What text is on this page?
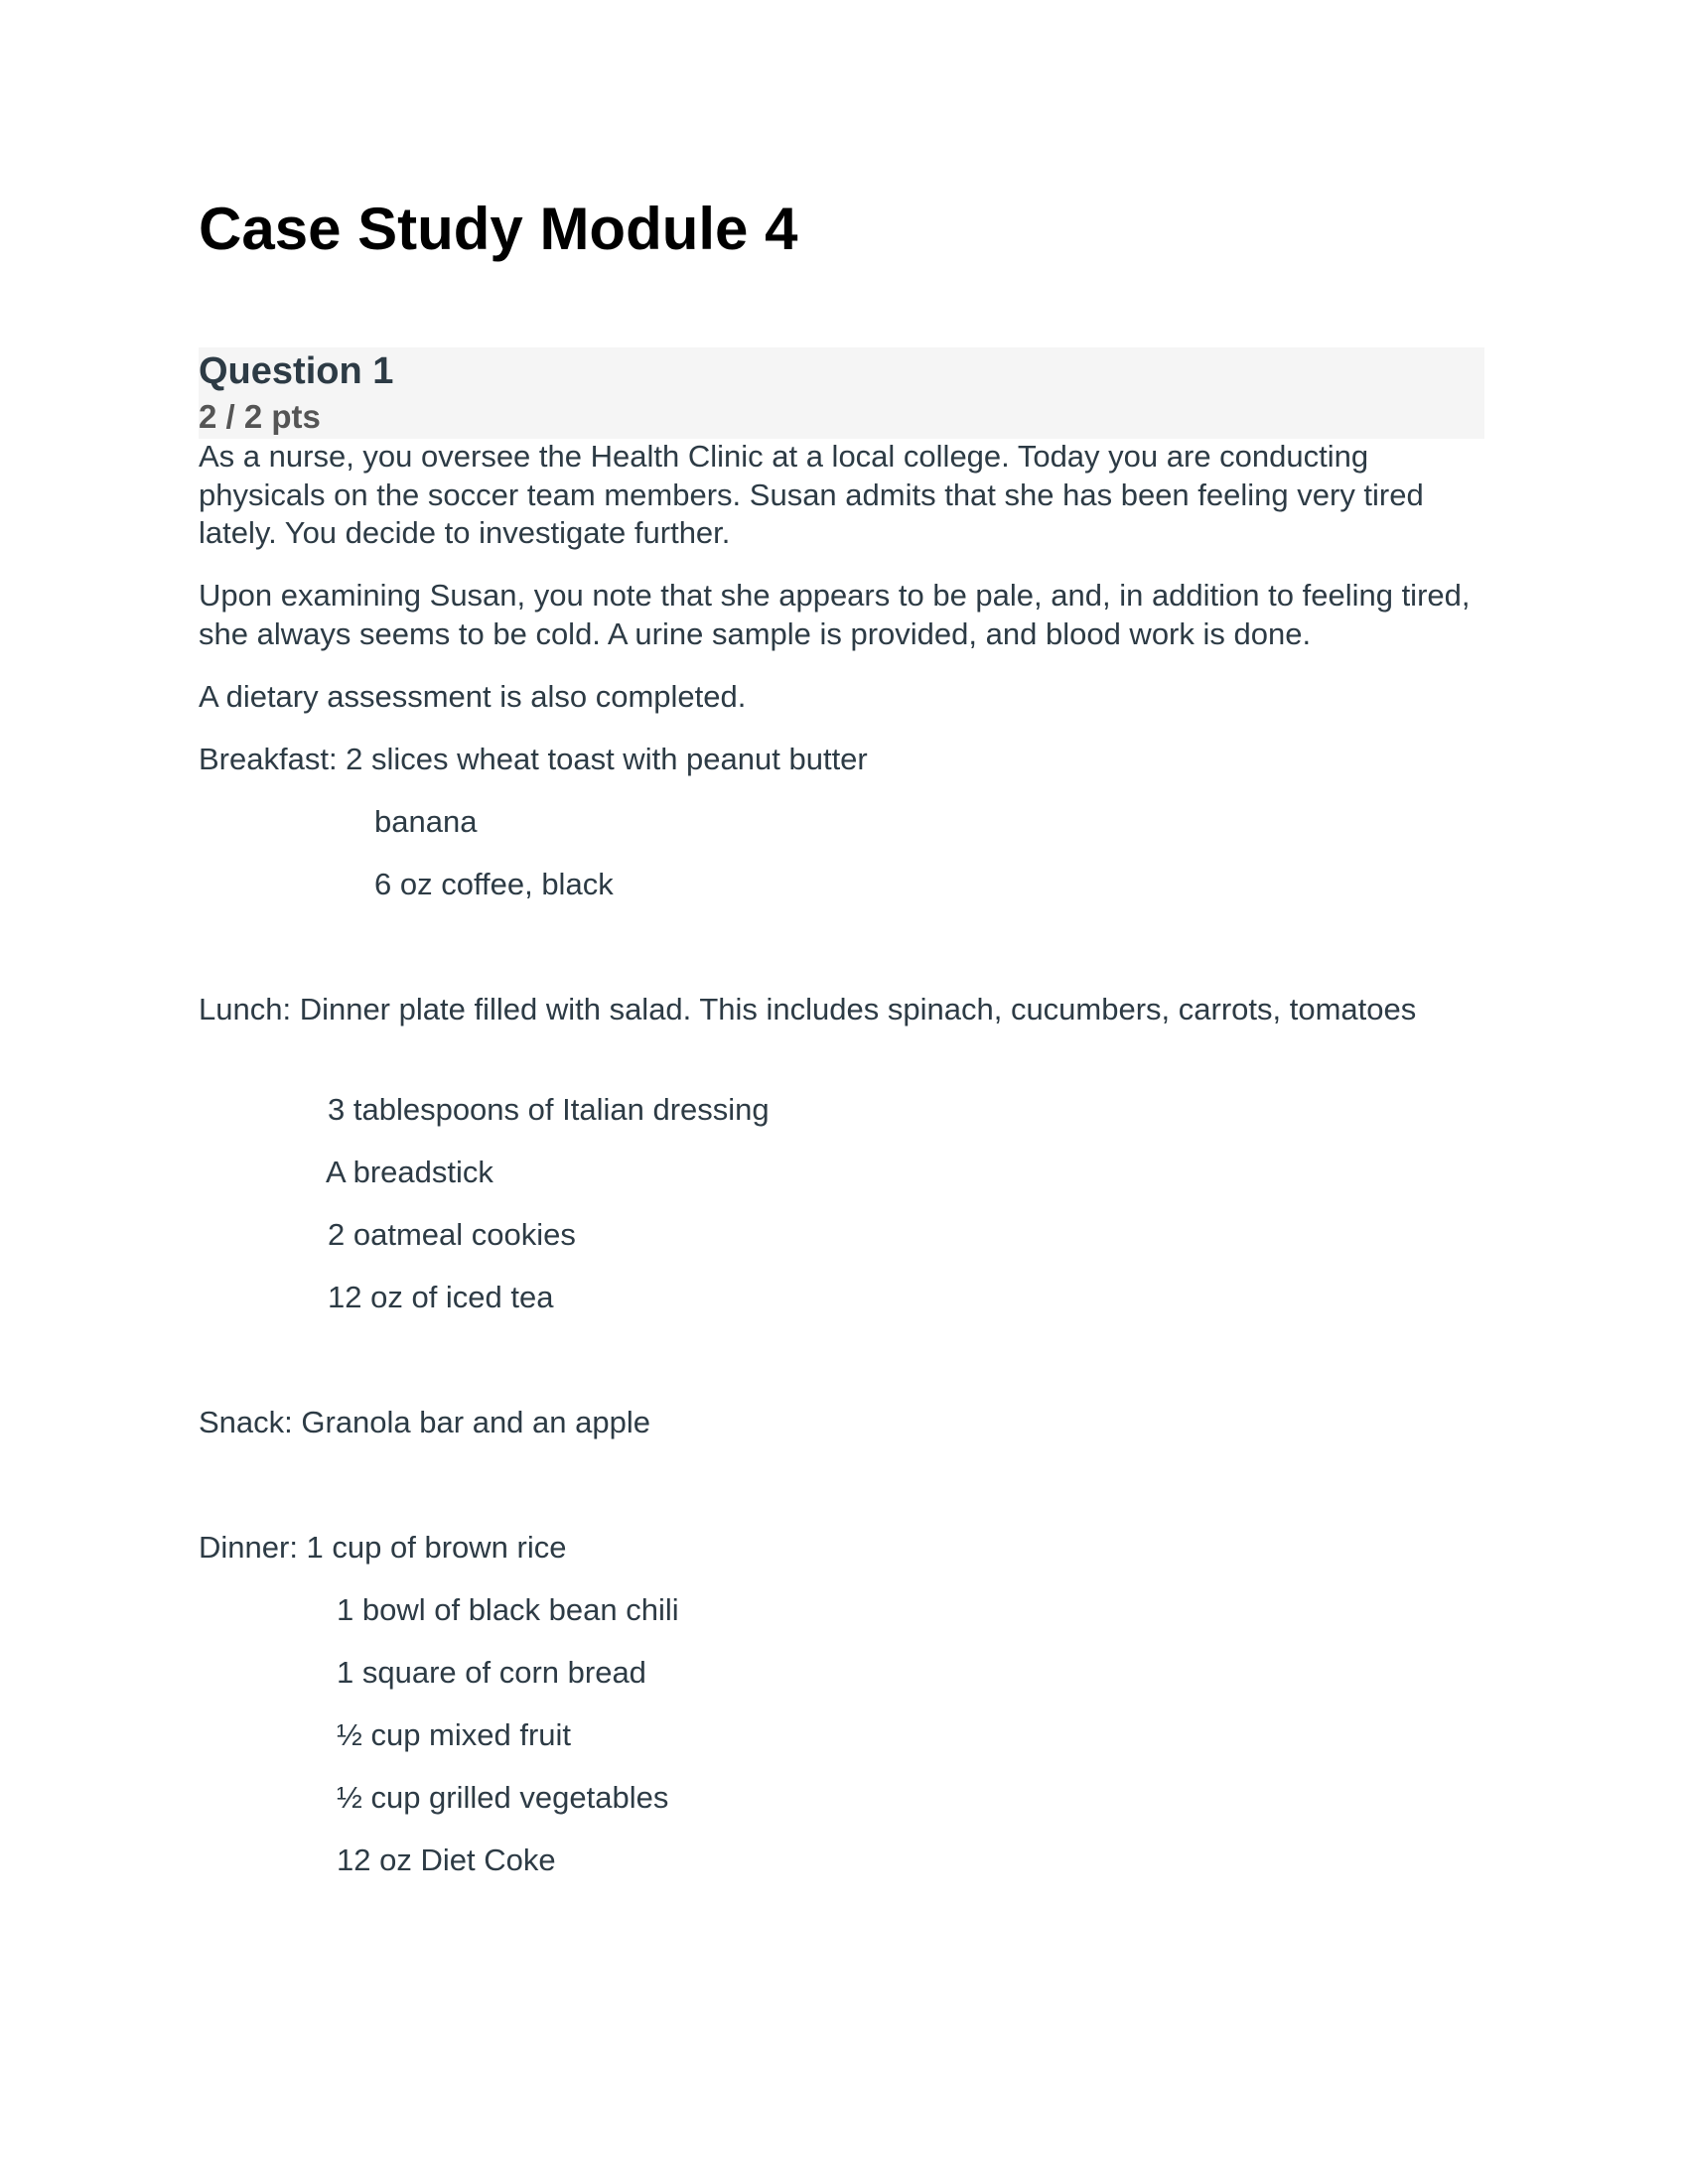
Case Study Module 4
Question 1
2 / 2 pts

As a nurse, you oversee the Health Clinic at a local college. Today you are conducting physicals on the soccer team members. Susan admits that she has been feeling very tired lately. You decide to investigate further.

Upon examining Susan, you note that she appears to be pale, and, in addition to feeling tired, she always seems to be cold. A urine sample is provided, and blood work is done.

A dietary assessment is also completed.

Breakfast: 2 slices wheat toast with peanut butter

banana

6 oz coffee, black

Lunch: Dinner plate filled with salad. This includes spinach, cucumbers, carrots, tomatoes

3 tablespoons of Italian dressing

A breadstick

2 oatmeal cookies

12 oz of iced tea

Snack: Granola bar and an apple

Dinner: 1 cup of brown rice

1 bowl of black bean chili

1 square of corn bread

½ cup mixed fruit

½ cup grilled vegetables

12 oz Diet Coke
